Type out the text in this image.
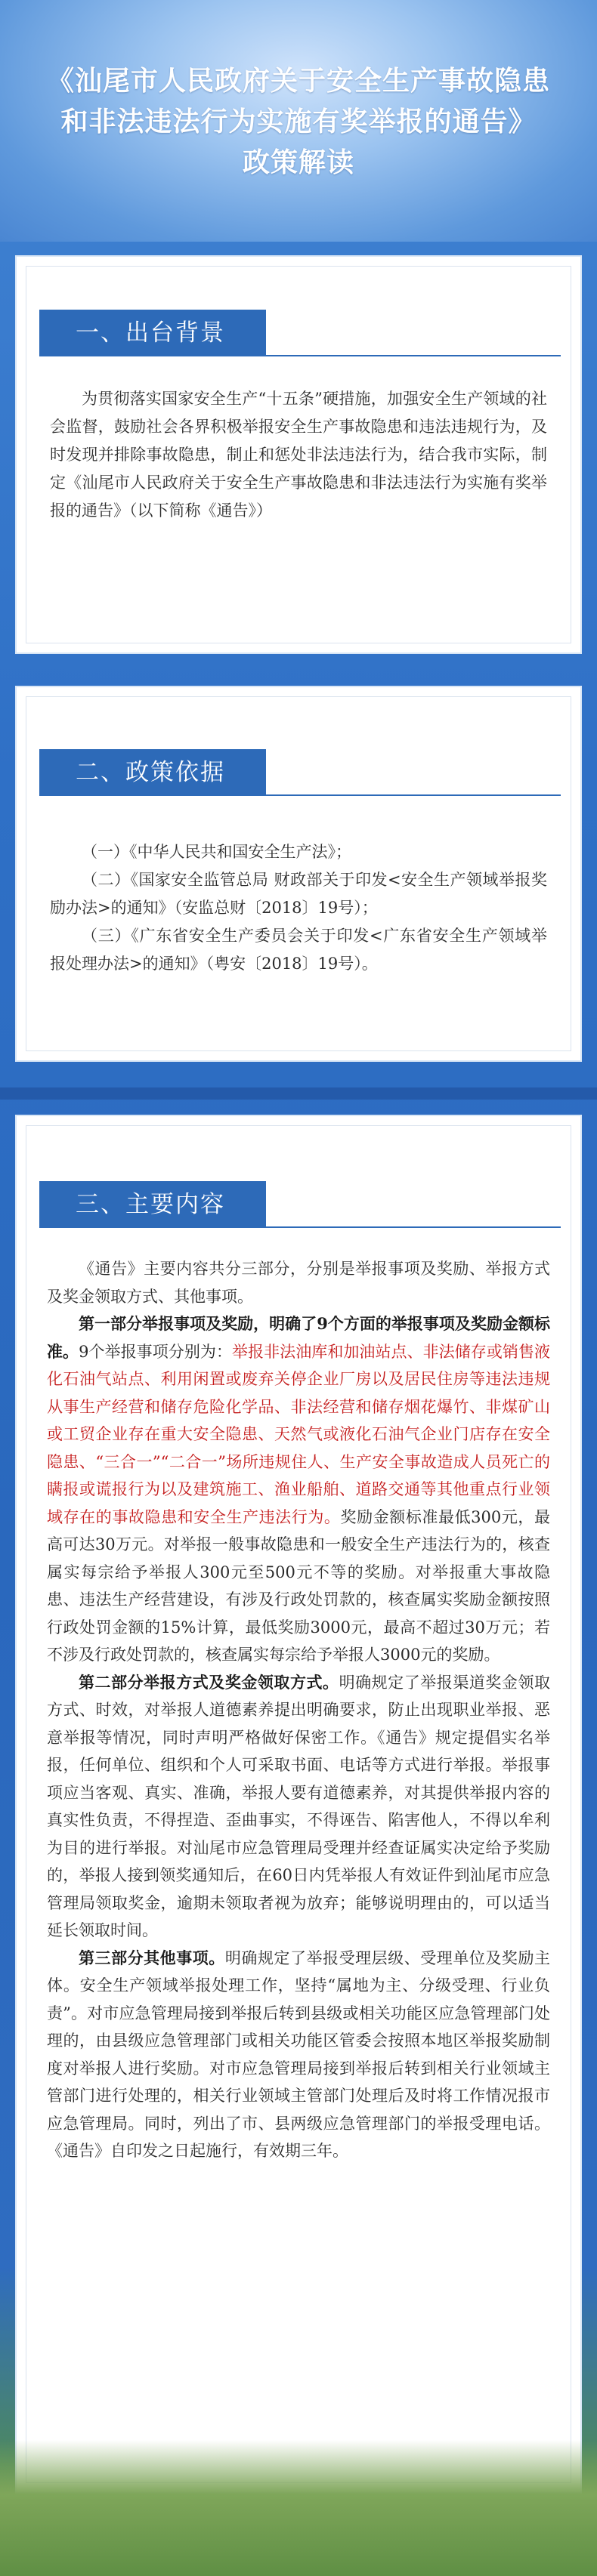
《汕尾市人民政府关于安全生产事故隐患
和非法违法行为实施有奖举报的通告》
政策解读
一、出台背景

为贯彻落实国家安全生产“十五条”硬措施，加强安全生产领域的社会监督，鼓励社会各界积极举报安全生产事故隐患和违法违规行为，及时发现并排除事故隐患，制止和惩处非法违法行为，结合我市实际，制定《汕尾市人民政府关于安全生产事故隐患和非法违法行为实施有奖举报的通告》（以下简称《通告》）

二、政策依据

（一）《中华人民共和国安全生产法》；

（二）《国家安全监管总局 财政部关于印发<安全生产领域举报奖励办法>的通知》（安监总财〔2018〕19号）；

（三）《广东省安全生产委员会关于印发<广东省安全生产领域举报处理办法>的通知》（粤安〔2018〕19号）。

三、主要内容

《通告》主要内容共分三部分，分别是举报事项及奖励、举报方式及奖金领取方式、其他事项。

第一部分举报事项及奖励，明确了9个方面的举报事项及奖励金额标准。9个举报事项分别为：举报非法油库和加油站点、非法储存或销售液化石油气站点、利用闲置或废弃关停企业厂房以及居民住房等违法违规从事生产经营和储存危险化学品、非法经营和储存烟花爆竹、非煤矿山或工贸企业存在重大安全隐患、天然气或液化石油气企业门店存在安全隐患、“三合一”“二合一”场所违规住人、生产安全事故造成人员死亡的瞒报或谎报行为以及建筑施工、渔业船舶、道路交通等其他重点行业领域存在的事故隐患和安全生产违法行为。奖励金额标准最低300元，最高可达30万元。对举报一般事故隐患和一般安全生产违法行为的，核查属实每宗给予举报人300元至500元不等的奖励。对举报重大事故隐患、违法生产经营建设，有涉及行政处罚款的，核查属实奖励金额按照行政处罚金额的15%计算，最低奖励3000元，最高不超过30万元；若不涉及行政处罚款的，核查属实每宗给予举报人3000元的奖励。

第二部分举报方式及奖金领取方式。明确规定了举报渠道奖金领取方式、时效，对举报人道德素养提出明确要求，防止出现职业举报、恶意举报等情况，同时声明严格做好保密工作。《通告》规定提倡实名举报，任何单位、组织和个人可采取书面、电话等方式进行举报。举报事项应当客观、真实、准确，举报人要有道德素养，对其提供举报内容的真实性负责，不得捏造、歪曲事实，不得诬告、陷害他人，不得以牟利为目的进行举报。对汕尾市应急管理局受理并经查证属实决定给予奖励的，举报人接到领奖通知后，在60日内凭举报人有效证件到汕尾市应急管理局领取奖金，逾期未领取者视为放弃；能够说明理由的，可以适当延长领取时间。

第三部分其他事项。明确规定了举报受理层级、受理单位及奖励主体。安全生产领域举报处理工作，坚持“属地为主、分级受理、行业负责”。对市应急管理局接到举报后转到县级或相关功能区应急管理部门处理的，由县级应急管理部门或相关功能区管委会按照本地区举报奖励制度对举报人进行奖励。对市应急管理局接到举报后转到相关行业领域主管部门进行处理的，相关行业领域主管部门处理后及时将工作情况报市应急管理局。同时，列出了市、县两级应急管理部门的举报受理电话。《通告》自印发之日起施行，有效期三年。
